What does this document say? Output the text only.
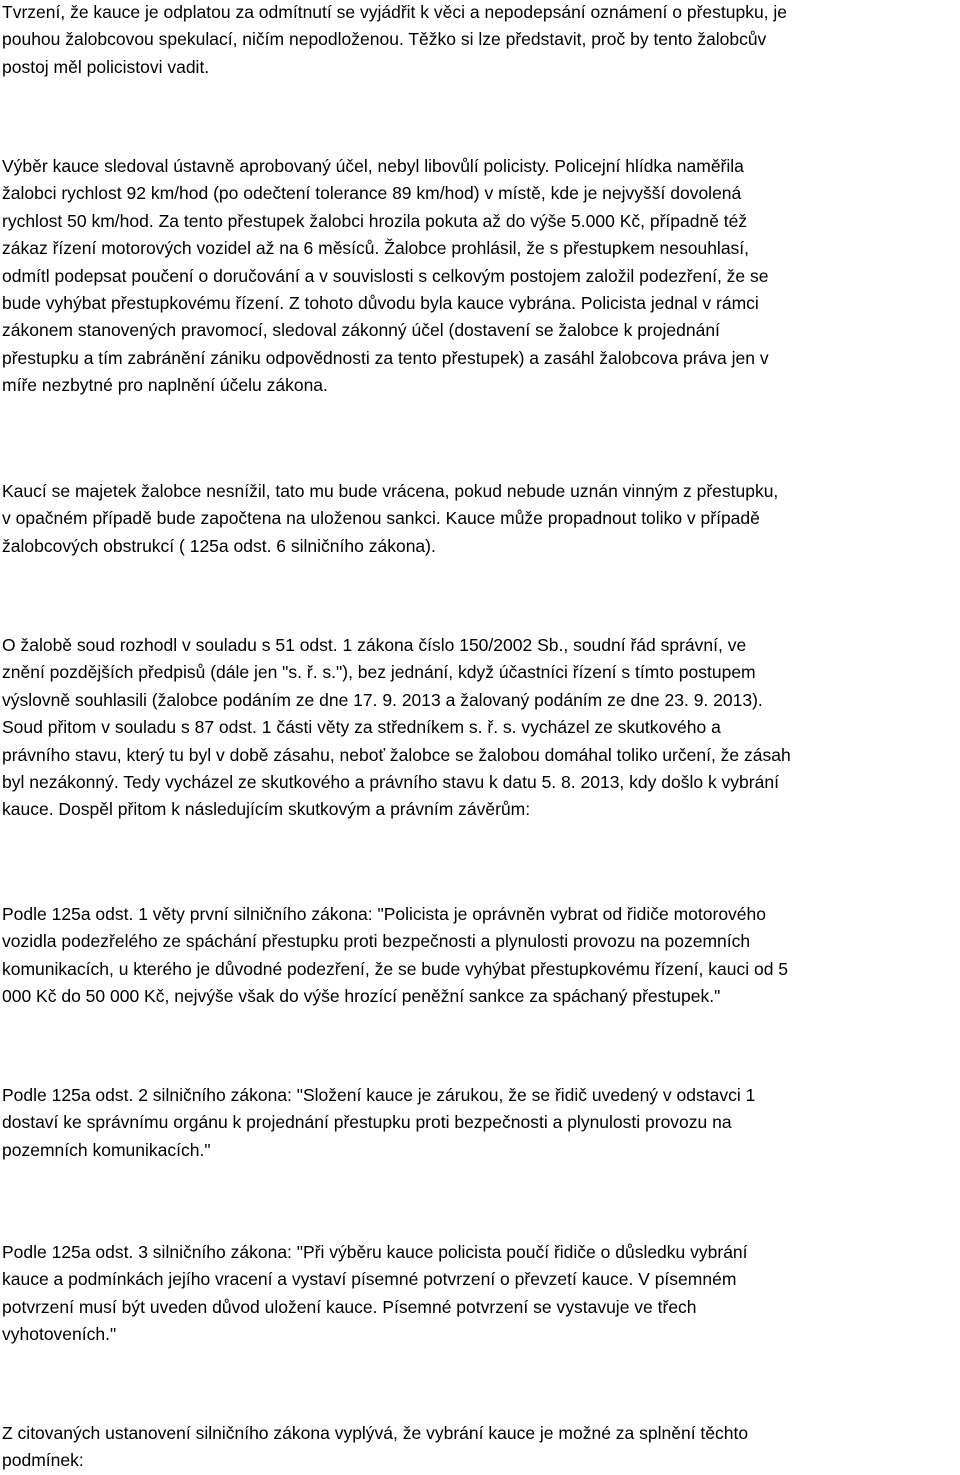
Tvrzení, že kauce je odplatou za odmítnutí se vyjádřit k věci a nepodepsání oznámení o přestupku, je
pouhou žalobcovou spekulací, ničím nepodloženou. Těžko si lze představit, proč by tento žalobcův
postoj měl policistovi vadit.
Výběr kauce sledoval ústavně aprobovaný účel, nebyl libovůlí policisty. Policejní hlídka naměřila
žalobci rychlost 92 km/hod (po odečtení tolerance 89 km/hod) v místě, kde je nejvyšší dovolená
rychlost 50 km/hod. Za tento přestupek žalobci hrozila pokuta až do výše 5.000 Kč, případně též
zákaz řízení motorových vozidel až na 6 měsíců. Žalobce prohlásil, že s přestupkem nesouhlasí,
odmítl podepsat poučení o doručování a v souvislosti s celkovým postojem založil podezření, že se
bude vyhýbat přestupkovému řízení. Z tohoto důvodu byla kauce vybrána. Policista jednal v rámci
zákonem stanovených pravomocí, sledoval zákonný účel (dostavení se žalobce k projednání
přestupku a tím zabránění zániku odpovědnosti za tento přestupek) a zasáhl žalobcova práva jen v
míře nezbytné pro naplnění účelu zákona.
Kaucí se majetek žalobce nesnížil, tato mu bude vrácena, pokud nebude uznán vinným z přestupku,
v opačném případě bude započtena na uloženou sankci. Kauce může propadnout toliko v případě
žalobcových obstrukcí ( 125a odst. 6 silničního zákona).
O žalobě soud rozhodl v souladu s 51 odst. 1 zákona číslo 150/2002 Sb., soudní řád správní, ve
znění pozdějších předpisů (dále jen "s. ř. s."), bez jednání, když účastníci řízení s tímto postupem
výslovně souhlasili (žalobce podáním ze dne 17. 9. 2013 a žalovaný podáním ze dne 23. 9. 2013).
Soud přitom v souladu s 87 odst. 1 části věty za středníkem s. ř. s. vycházel ze skutkového a
právního stavu, který tu byl v době zásahu, neboť žalobce se žalobou domáhal toliko určení, že zásah
byl nezákonný. Tedy vycházel ze skutkového a právního stavu k datu 5. 8. 2013, kdy došlo k vybrání
kauce. Dospěl přitom k následujícím skutkovým a právním závěrům:
Podle 125a odst. 1 věty první silničního zákona: "Policista je oprávněn vybrat od řidiče motorového
vozidla podezřelého ze spáchání přestupku proti bezpečnosti a plynulosti provozu na pozemních
komunikacích, u kterého je důvodné podezření, že se bude vyhýbat přestupkovému řízení, kauci od 5
000 Kč do 50 000 Kč, nejvýše však do výše hrozící peněžní sankce za spáchaný přestupek."
Podle 125a odst. 2 silničního zákona: "Složení kauce je zárukou, že se řidič uvedený v odstavci 1
dostaví ke správnímu orgánu k projednání přestupku proti bezpečnosti a plynulosti provozu na
pozemních komunikacích."
Podle 125a odst. 3 silničního zákona: "Při výběru kauce policista poučí řidiče o důsledku vybrání
kauce a podmínkách jejího vracení a vystaví písemné potvrzení o převzetí kauce. V písemném
potvrzení musí být uveden důvod uložení kauce. Písemné potvrzení se vystavuje ve třech
vyhotoveních."
Z citovaných ustanovení silničního zákona vyplývá, že vybrání kauce je možné za splnění těchto
podmínek:
